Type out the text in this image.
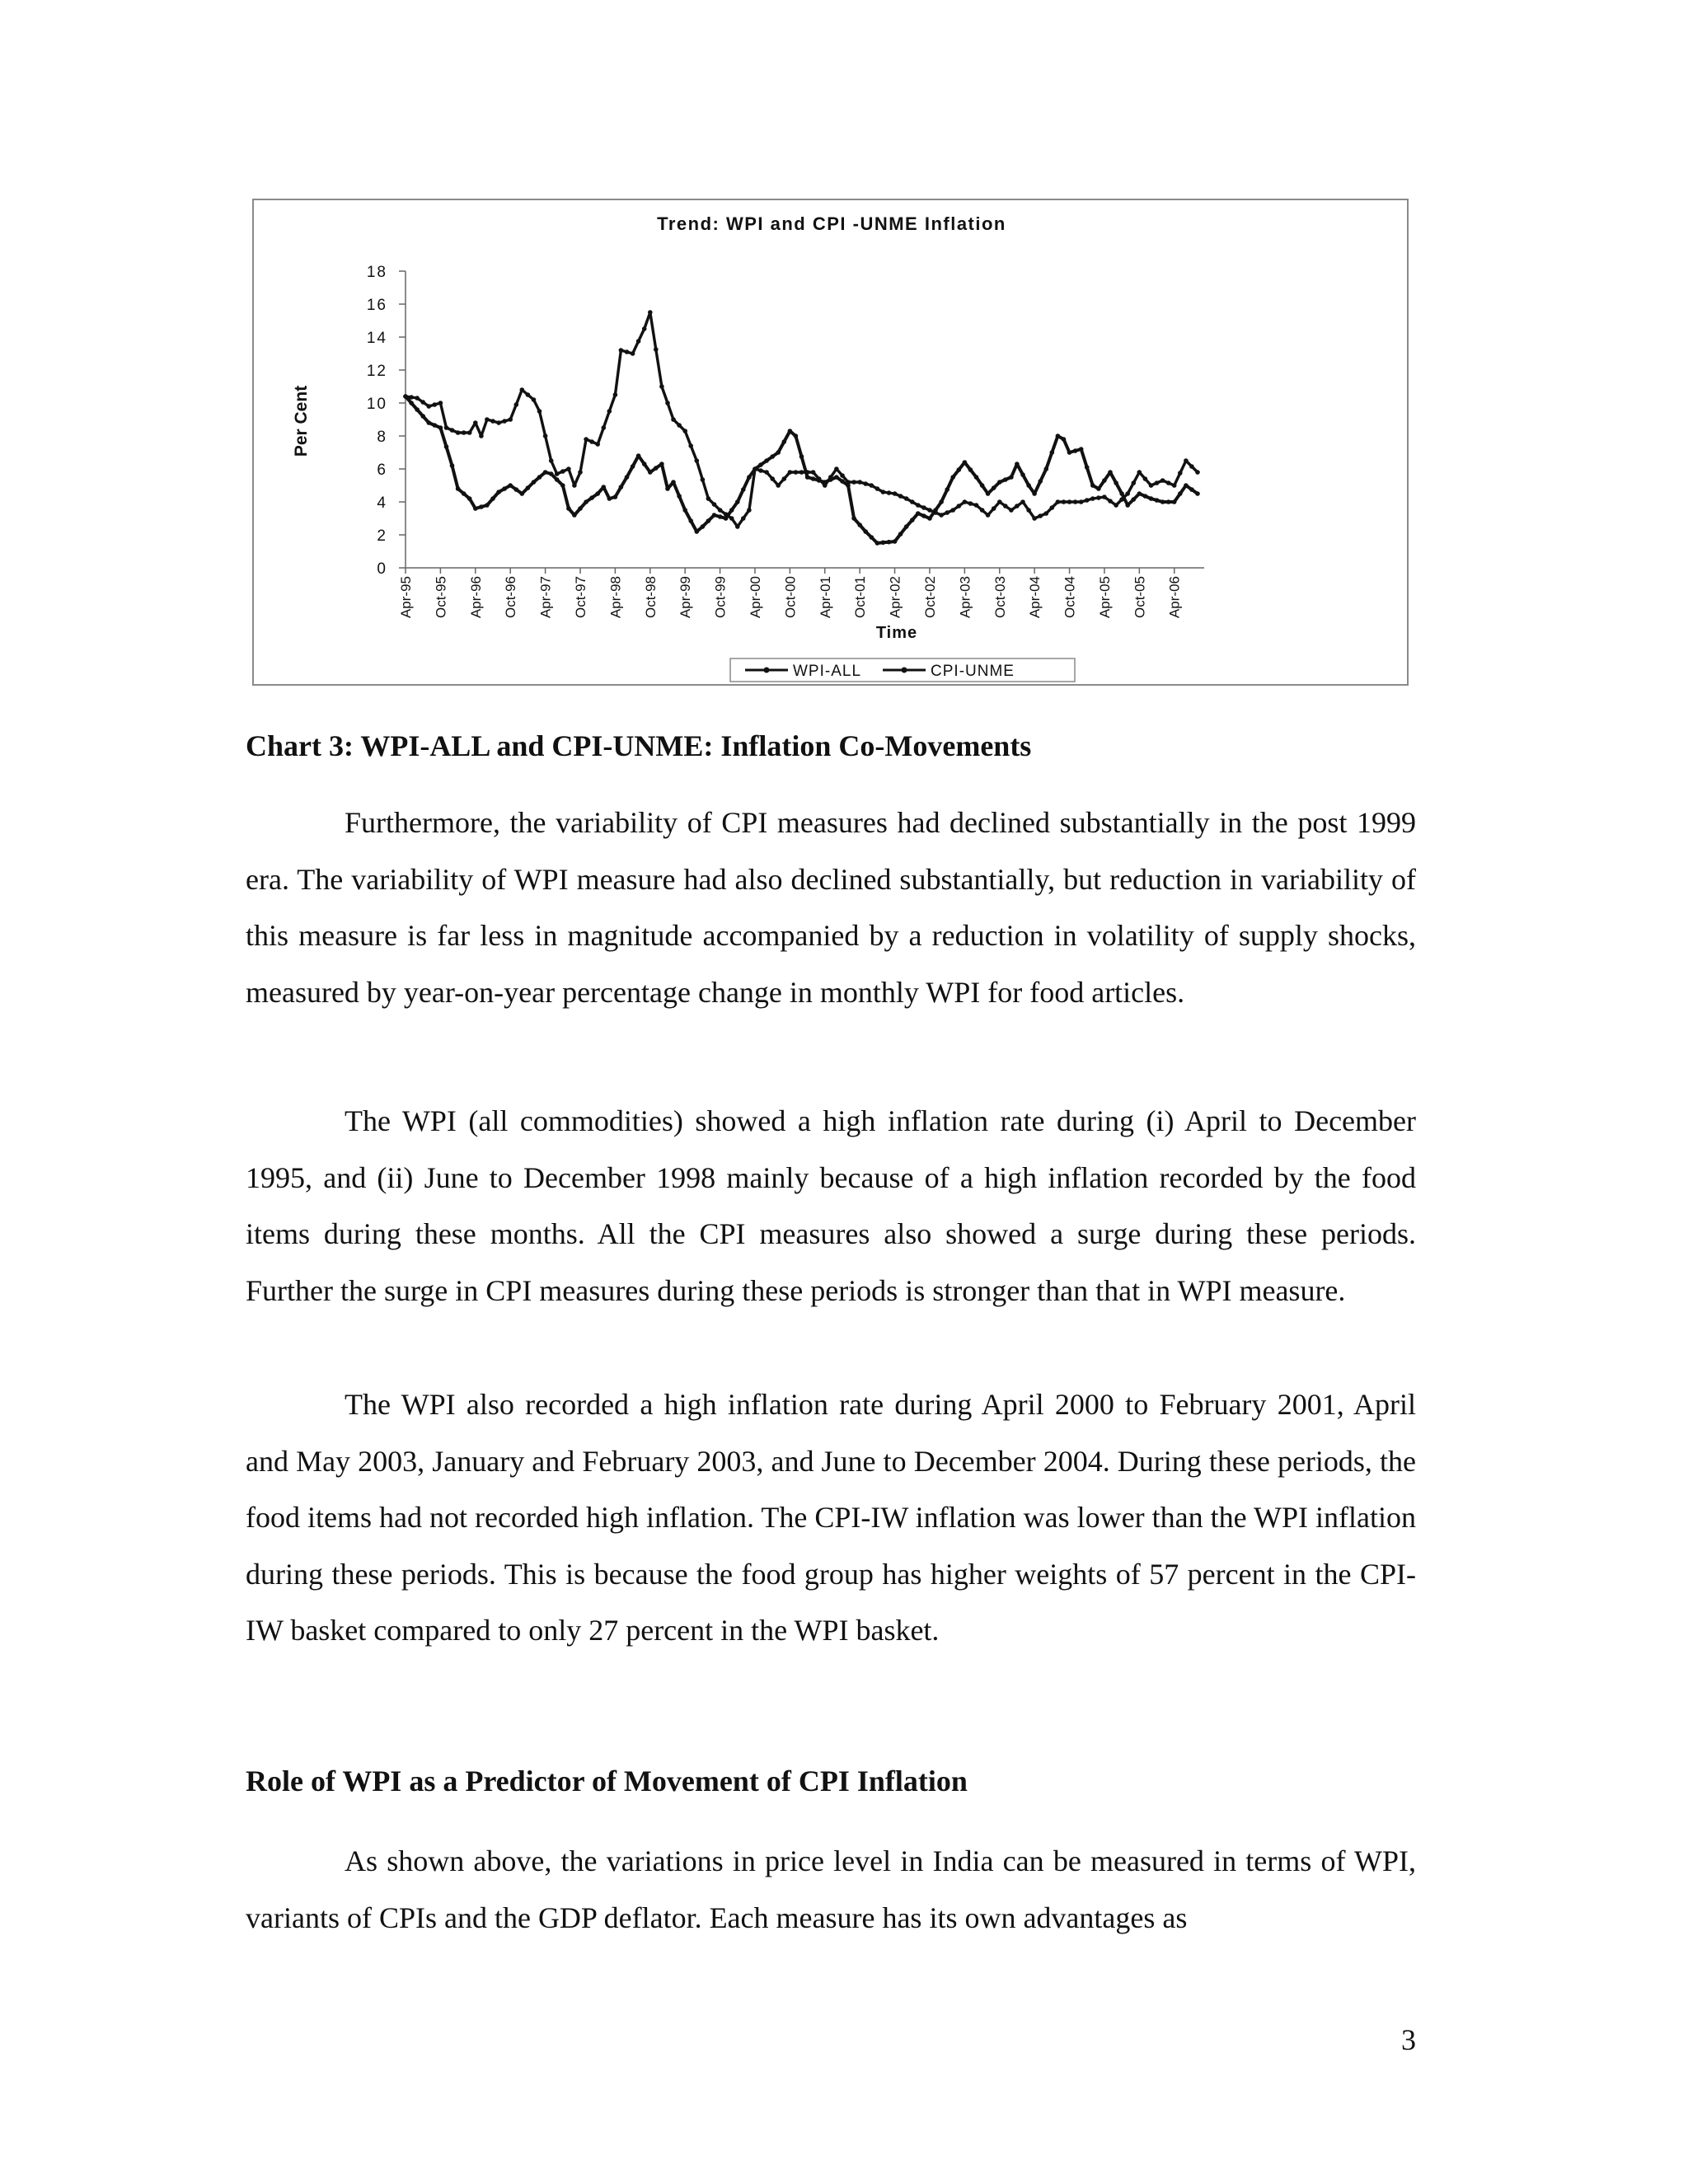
Trend: WPI and CPI -UNME Inflation
Per Cent
Time
0
2
4
6
8
10
12
14
16
18
Apr-95 Oct-95 Apr-96 Oct-96 Apr-97 Oct-97 Apr-98 Oct-98 Apr-99 Oct-99 Apr-00 Oct-00 Apr-01 Oct-01 Apr-02 Oct-02 Apr-03 Oct-03 Apr-04 Oct-04 Apr-05 Oct-05 Apr-06
WPI-ALL	CPI-UNME
Chart 3: WPI-ALL and CPI-UNME: Inflation Co-Movements

Furthermore, the variability of CPI measures had declined substantially in the post 1999 era. The variability of WPI measure had also declined substantially, but reduction in variability of this measure is far less in magnitude accompanied by a reduction in volatility of supply shocks, measured by year-on-year percentage change in monthly WPI for food articles.

The WPI (all commodities) showed a high inflation rate during (i) April to December 1995, and (ii) June to December 1998 mainly because of a high inflation recorded by the food items during these months. All the CPI measures also showed a surge during these periods. Further the surge in CPI measures during these periods is stronger than that in WPI measure.

The WPI also recorded a high inflation rate during April 2000 to February 2001, April and May 2003, January and February 2003, and June to December 2004. During these periods, the food items had not recorded high inflation. The CPI-IW inflation was lower than the WPI inflation during these periods. This is because the food group has higher weights of 57 percent in the CPI-IW basket compared to only 27 percent in the WPI basket.

Role of WPI as a Predictor of Movement of CPI Inflation

As shown above, the variations in price level in India can be measured in terms of WPI, variants of CPIs and the GDP deflator. Each measure has its own advantages as

3
